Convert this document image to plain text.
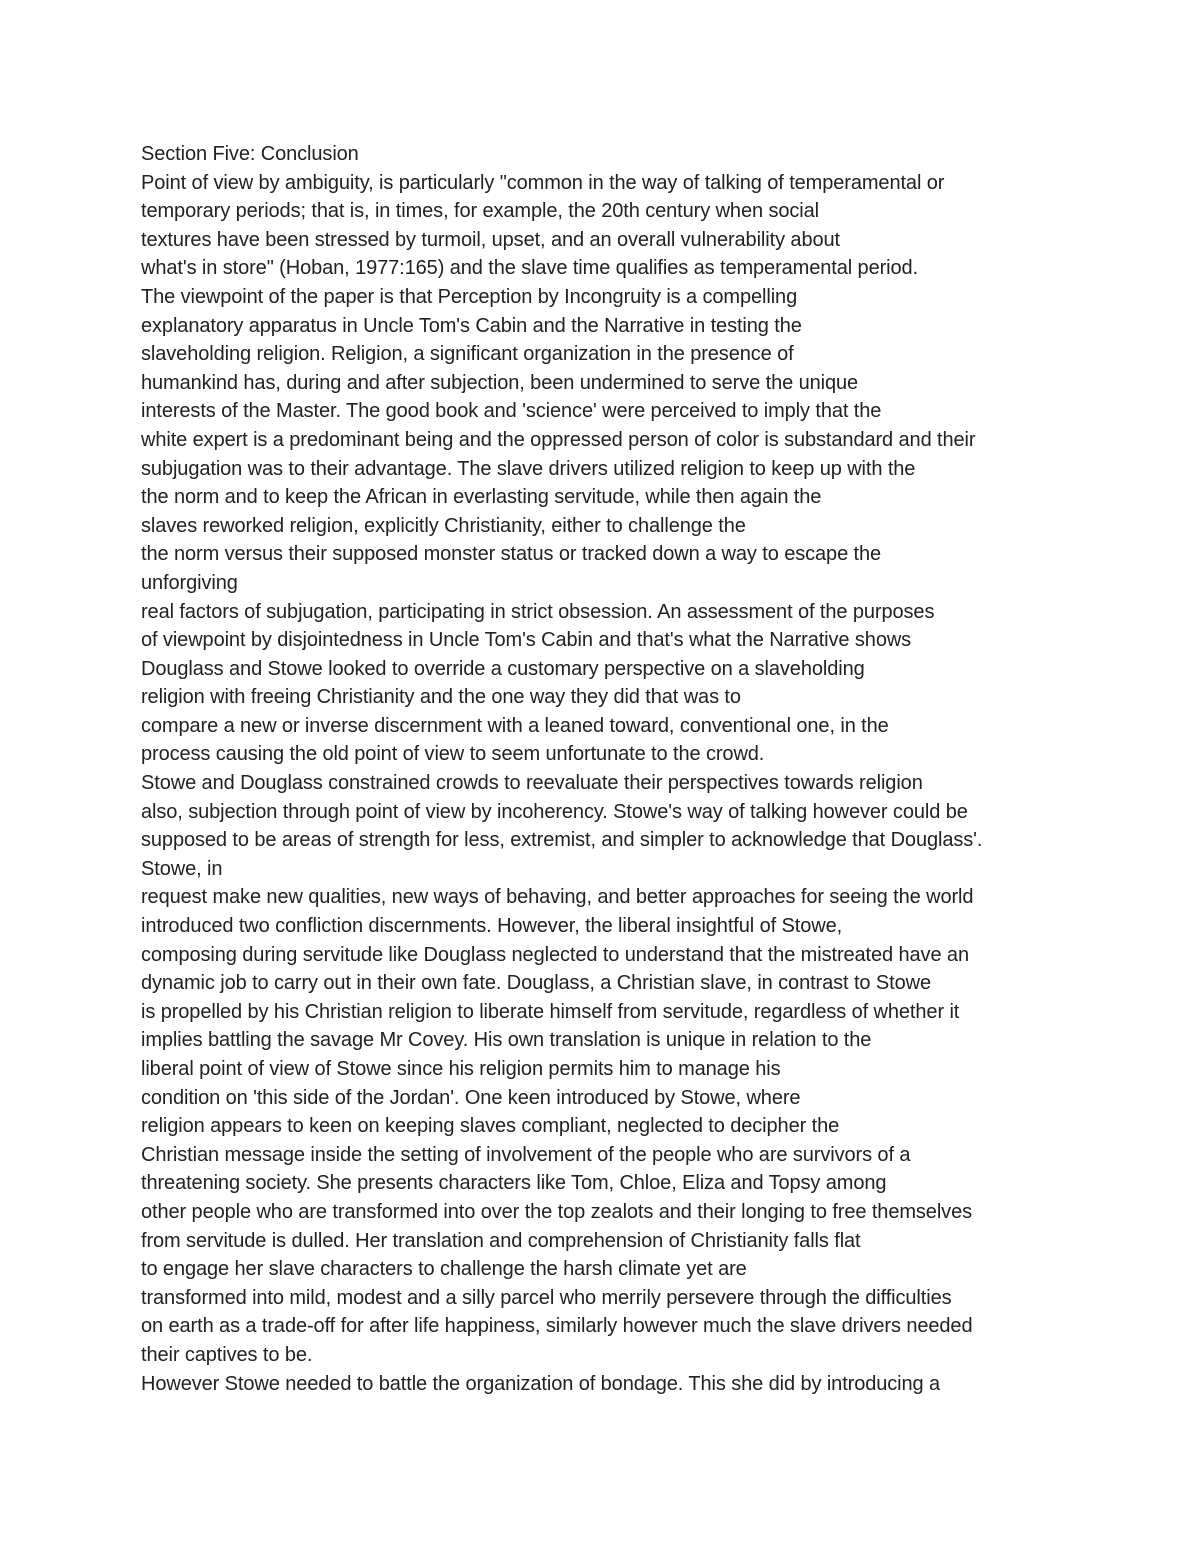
Section Five: Conclusion
Point of view by ambiguity, is particularly "common in the way of talking of temperamental or
temporary periods; that is, in times, for example, the 20th century when social
textures have been stressed by turmoil, upset, and an overall vulnerability about
what's in store" (Hoban, 1977:165) and the slave time qualifies as temperamental period.
The viewpoint of the paper is that Perception by Incongruity is a compelling
explanatory apparatus in Uncle Tom's Cabin and the Narrative in testing the
slaveholding religion. Religion, a significant organization in the presence of
humankind has, during and after subjection, been undermined to serve the unique
interests of the Master. The good book and 'science' were perceived to imply that the
white expert is a predominant being and the oppressed person of color is substandard and their
subjugation was to their advantage. The slave drivers utilized religion to keep up with the
the norm and to keep the African in everlasting servitude, while then again the
slaves reworked religion, explicitly Christianity, either to challenge the
the norm versus their supposed monster status or tracked down a way to escape the
unforgiving
real factors of subjugation, participating in strict obsession. An assessment of the purposes
of viewpoint by disjointedness in Uncle Tom's Cabin and that's what the Narrative shows
Douglass and Stowe looked to override a customary perspective on a slaveholding
religion with freeing Christianity and the one way they did that was to
compare a new or inverse discernment with a leaned toward, conventional one, in the
process causing the old point of view to seem unfortunate to the crowd.
Stowe and Douglass constrained crowds to reevaluate their perspectives towards religion
also, subjection through point of view by incoherency. Stowe's way of talking however could be
supposed to be areas of strength for less, extremist, and simpler to acknowledge that Douglass'.
Stowe, in
request make new qualities, new ways of behaving, and better approaches for seeing the world
introduced two confliction discernments. However, the liberal insightful of Stowe,
composing during servitude like Douglass neglected to understand that the mistreated have an
dynamic job to carry out in their own fate. Douglass, a Christian slave, in contrast to Stowe
is propelled by his Christian religion to liberate himself from servitude, regardless of whether it
implies battling the savage Mr Covey. His own translation is unique in relation to the
liberal point of view of Stowe since his religion permits him to manage his
condition on 'this side of the Jordan'. One keen introduced by Stowe, where
religion appears to keen on keeping slaves compliant, neglected to decipher the
Christian message inside the setting of involvement of the people who are survivors of a
threatening society. She presents characters like Tom, Chloe, Eliza and Topsy among
other people who are transformed into over the top zealots and their longing to free themselves
from servitude is dulled. Her translation and comprehension of Christianity falls flat
to engage her slave characters to challenge the harsh climate yet are
transformed into mild, modest and a silly parcel who merrily persevere through the difficulties
on earth as a trade-off for after life happiness, similarly however much the slave drivers needed
their captives to be.
However Stowe needed to battle the organization of bondage. This she did by introducing a
